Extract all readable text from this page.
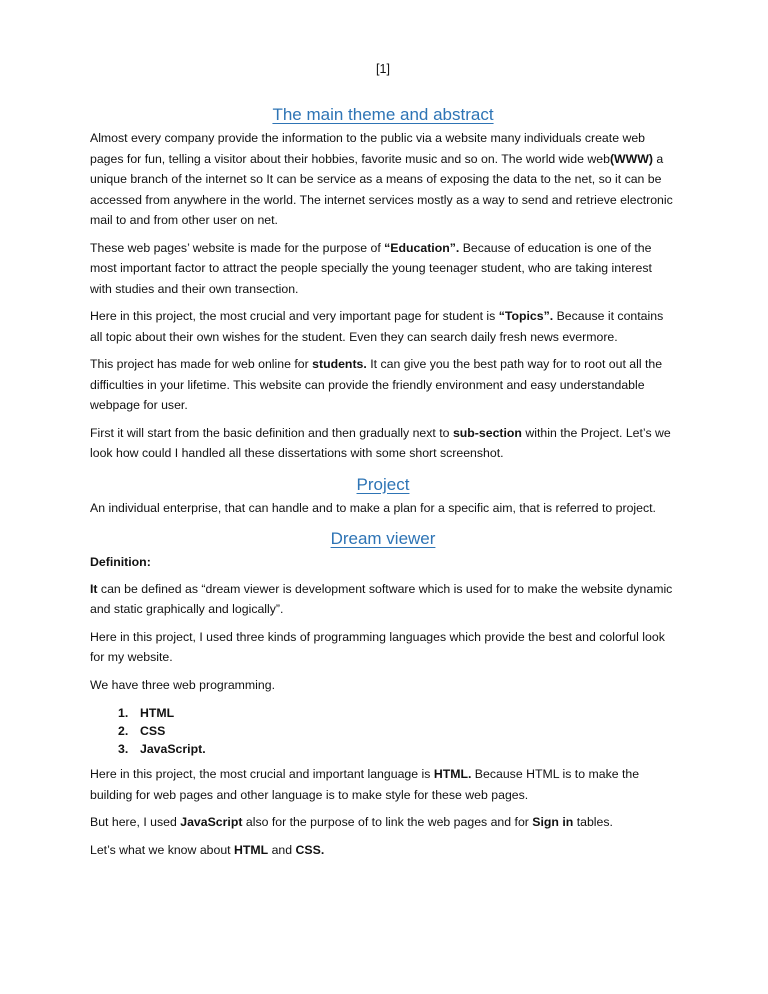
[1]
The main theme and abstract

Almost every company provide the information to the public via a website many individuals create web pages for fun, telling a visitor about their hobbies, favorite music and so on. The world wide web(WWW) a unique branch of the internet so It can be service as a means of exposing the data to the net, so it can be accessed from anywhere in the world. The internet services mostly as a way to send and retrieve electronic mail to and from other user on net.

These web pages’ website is made for the purpose of “Education”. Because of education is one of the most important factor to attract the people specially the young teenager student, who are taking interest with studies and their own transection.

Here in this project, the most crucial and very important page for student is “Topics”. Because it contains all topic about their own wishes for the student. Even they can search daily fresh news evermore.

This project has made for web online for students. It can give you the best path way for to root out all the difficulties in your lifetime. This website can provide the friendly environment and easy understandable webpage for user.

First it will start from the basic definition and then gradually next to sub-section within the Project. Let’s we look how could I handled all these dissertations with some short screenshot.

Project

An individual enterprise, that can handle and to make a plan for a specific aim, that is referred to project.

Dream viewer

Definition:

It can be defined as “dream viewer is development software which is used for to make the website dynamic and static graphically and logically”.

Here in this project, I used three kinds of programming languages which provide the best and colorful look for my website.

We have three web programming.

1. HTML
2. CSS
3. JavaScript.

Here in this project, the most crucial and important language is HTML. Because HTML is to make the building for web pages and other language is to make style for these web pages.

But here, I used JavaScript also for the purpose of to link the web pages and for Sign in tables.

Let’s what we know about HTML and CSS.
